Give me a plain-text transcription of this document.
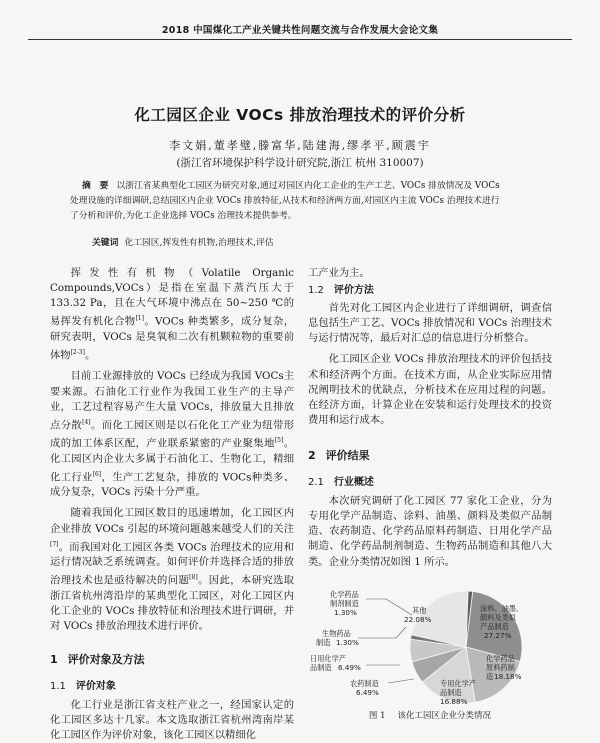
2018 中国煤化工产业关键共性问题交流与合作发展大会论文集
化工园区企业 VOCs 排放治理技术的评价分析
李文娟,董孝璧,滕富华,陆建海,缪孝平,顾震宇
(浙江省环境保护科学设计研究院,浙江 杭州 310007)
摘　要 以浙江省某典型化工园区为研究对象,通过对园区内化工企业的生产工艺、VOCs 排放情况及 VOCs
处理设施的详细调研,总结园区内企业 VOCs 排放特征,从技术和经济两方面,对园区内主流 VOCs 治理技术进行
了分析和评价,为化工企业选择 VOCs 治理技术提供参考。
关键词 化工园区,挥发性有机物,治理技术,评估

挥发性有机物（Volatile Organic Compounds,VOCs）是指在室温下蒸汽压大于 133.32 Pa，且在大气环境中沸点在 50~250 ℃的易挥发有机化合物[1]。VOCs 种类繁多，成分复杂，研究表明，VOCs 是臭氧和二次有机颗粒物的重要前体物[2-3]。

目前工业源排放的 VOCs 已经成为我国 VOCs主要来源。石油化工行业作为我国工业生产的主导产业，工艺过程容易产生大量 VOCs，排放量大且排放点分散[4]。而化工园区则是以石化化工产业为纽带形成的加工体系区配，产业联系紧密的产业聚集地[5]。化工园区内企业大多属于石油化工、生物化工，精细化工行业[6]，生产工艺复杂，排放的 VOCs种类多、成分复杂，VOCs 污染十分严重。

随着我国化工园区数目的迅速增加，化工园区内企业排放 VOCs 引起的环境问题越来越受人们的关注[7]。而我国对化工园区各类 VOCs 治理技术的应用和运行情况缺乏系统调查。如何评价并选择合适的排放治理技术也是亟待解决的问题[8]。因此，本研究选取浙江省杭州湾沿岸的某典型化工园区，对化工园区内化工企业的 VOCs 排放特征和治理技术进行调研，并对 VOCs 排放治理技术进行评价。

1 评价对象及方法
1.1 评价对象

化工行业是浙江省支柱产业之一，经国家认定的化工园区多达十几家。本文选取浙江省杭州湾南岸某化工园区作为评价对象，该化工园区以精细化

工产业为主。
1.2 评价方法

首先对化工园区内企业进行了详细调研，调查信息包括生产工艺、VOCs 排放情况和 VOCs 治理技术与运行情况等，最后对汇总的信息进行分析整合。

化工园区企业 VOCs 排放治理技术的评价包括技术和经济两个方面。在技术方面，从企业实际应用情况阐明技术的优缺点，分析技术在应用过程的问题。在经济方面，计算企业在安装和运行处理技术的投资费用和运行成本。

2 评价结果
2.1 行业概述

本次研究调研了化工园区 77 家化工企业，分为专用化学产品制造、涂料、油墨、颜料及类似产品制造、农药制造、化学药品原料药制造、日用化学产品制造、化学药品制剂制造、生物药品制造和其他八大类。企业分类情况如图 1 所示。

涂料、油墨、
颜料及类似
产品制造
27.27%
化学药品
原料药制
造 18.18%
专用化学产
品制造
16.88%
农药制造
6.49%
日用化学产
品制造 6.49%
生物药品
制造 1.30%
其他
22.08%
化学药品
制剂制造
1.30%
图 1 该化工园区企业分类情况
